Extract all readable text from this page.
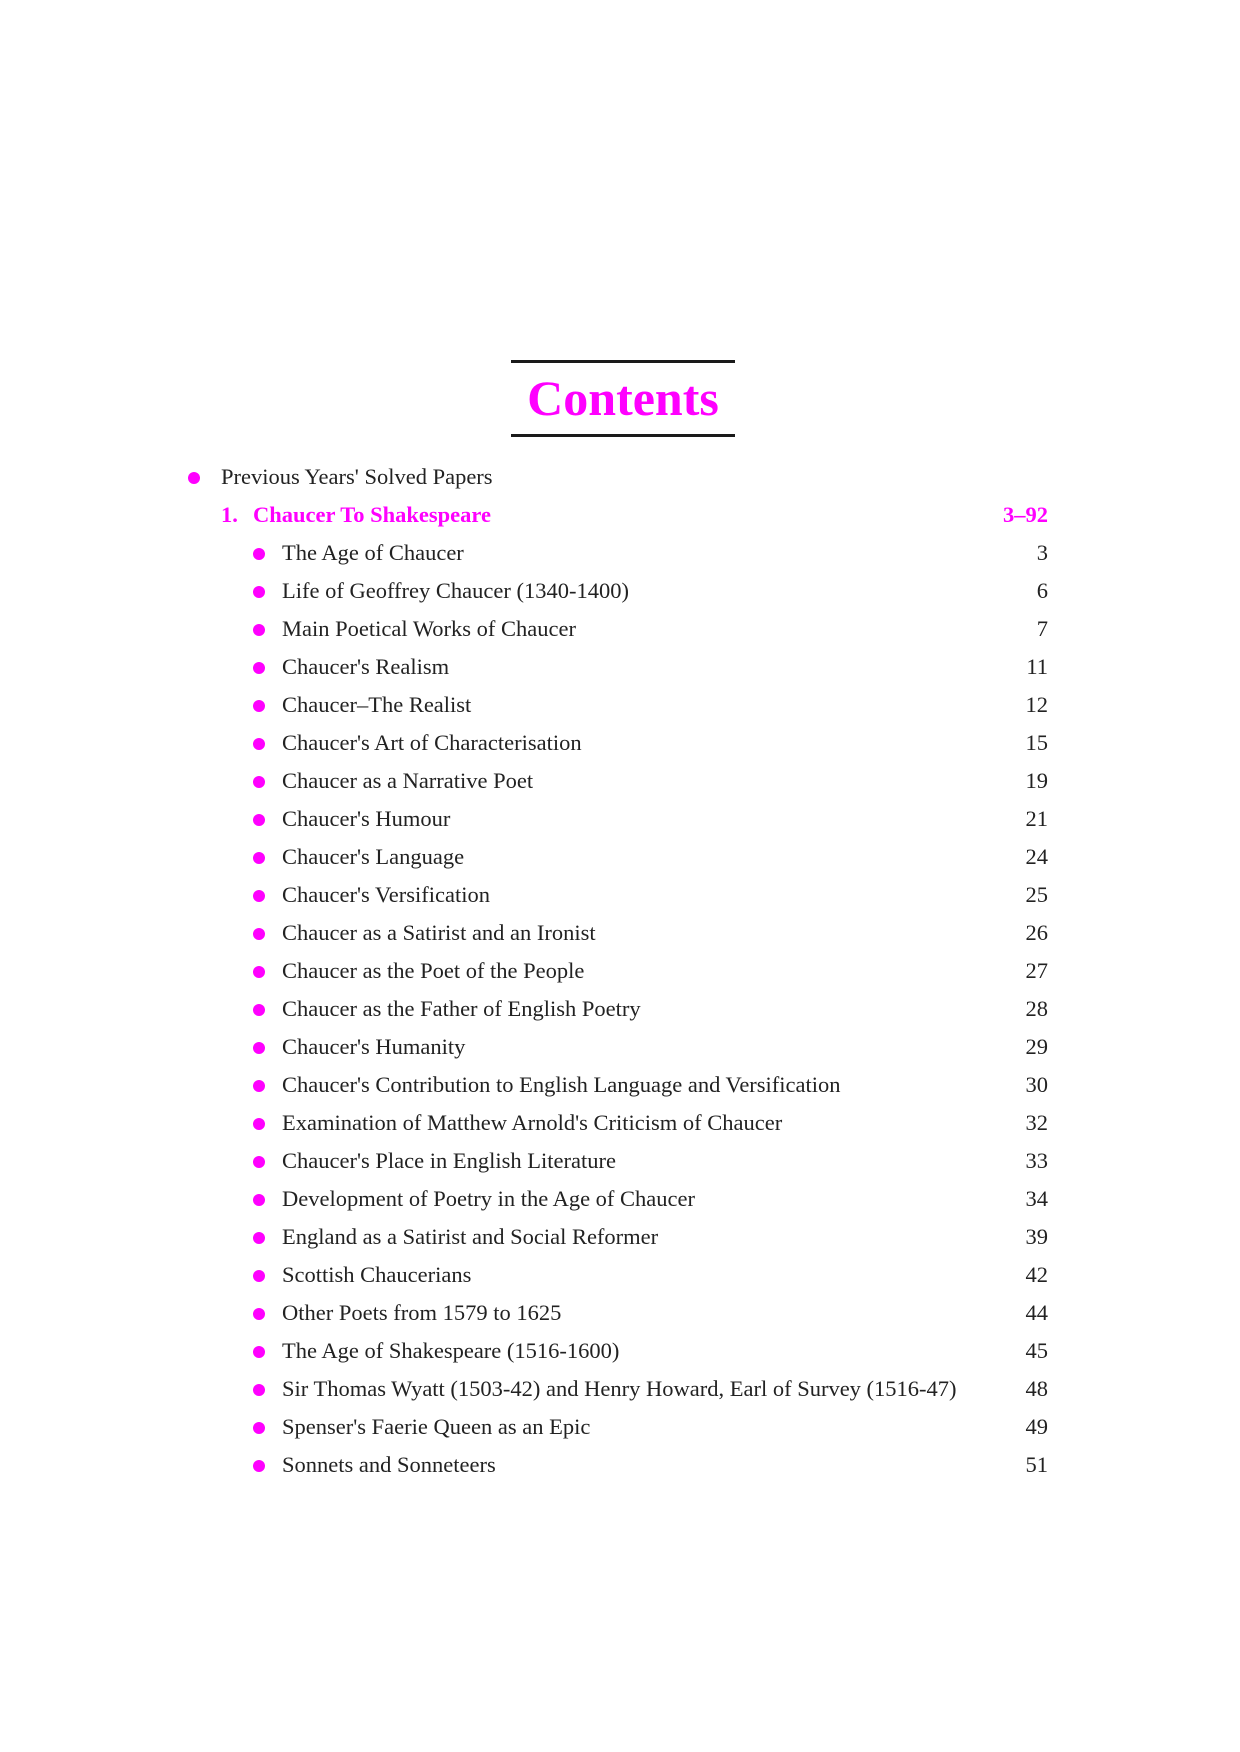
Contents
Previous Years' Solved Papers
1. Chaucer To Shakespeare	3–92
The Age of Chaucer	3
Life of Geoffrey Chaucer (1340-1400)	6
Main Poetical Works of Chaucer	7
Chaucer's Realism	11
Chaucer–The Realist	12
Chaucer's Art of Characterisation	15
Chaucer as a Narrative Poet	19
Chaucer's Humour	21
Chaucer's Language	24
Chaucer's Versification	25
Chaucer as a Satirist and an Ironist	26
Chaucer as the Poet of the People	27
Chaucer as the Father of English Poetry	28
Chaucer's Humanity	29
Chaucer's Contribution to English Language and Versification	30
Examination of Matthew Arnold's Criticism of Chaucer	32
Chaucer's Place in English Literature	33
Development of Poetry in the Age of Chaucer	34
England as a Satirist and Social Reformer	39
Scottish Chaucerians	42
Other Poets from 1579 to 1625	44
The Age of Shakespeare (1516-1600)	45
Sir Thomas Wyatt (1503-42) and Henry Howard, Earl of Survey (1516-47)	48
Spenser's Faerie Queen as an Epic	49
Sonnets and Sonneteers	51
